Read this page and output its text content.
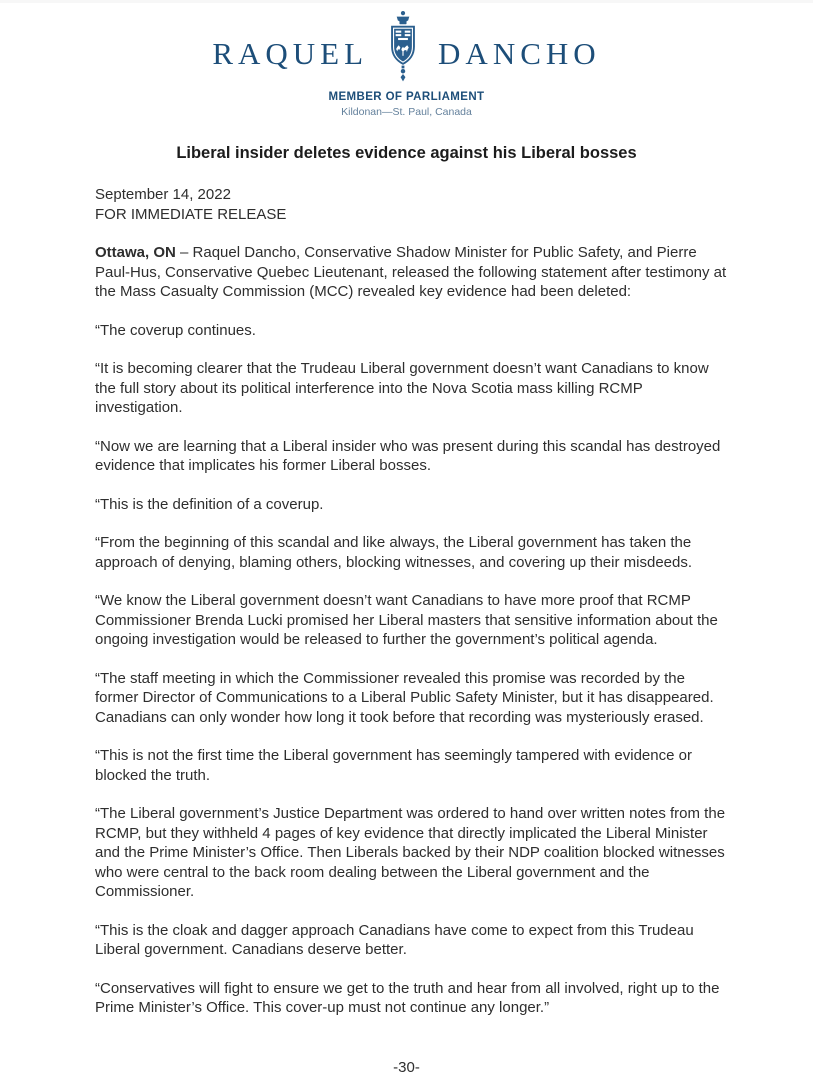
RAQUEL DANCHO
MEMBER OF PARLIAMENT
Kildonan—St. Paul, Canada
Liberal insider deletes evidence against his Liberal bosses

September 14, 2022

FOR IMMEDIATE RELEASE

Ottawa, ON – Raquel Dancho, Conservative Shadow Minister for Public Safety, and Pierre Paul-Hus, Conservative Quebec Lieutenant, released the following statement after testimony at the Mass Casualty Commission (MCC) revealed key evidence had been deleted:

“The coverup continues.

“It is becoming clearer that the Trudeau Liberal government doesn’t want Canadians to know the full story about its political interference into the Nova Scotia mass killing RCMP investigation.

“Now we are learning that a Liberal insider who was present during this scandal has destroyed evidence that implicates his former Liberal bosses.

“This is the definition of a coverup.

“From the beginning of this scandal and like always, the Liberal government has taken the approach of denying, blaming others, blocking witnesses, and covering up their misdeeds.

“We know the Liberal government doesn’t want Canadians to have more proof that RCMP Commissioner Brenda Lucki promised her Liberal masters that sensitive information about the ongoing investigation would be released to further the government’s political agenda.

“The staff meeting in which the Commissioner revealed this promise was recorded by the former Director of Communications to a Liberal Public Safety Minister, but it has disappeared. Canadians can only wonder how long it took before that recording was mysteriously erased.

“This is not the first time the Liberal government has seemingly tampered with evidence or blocked the truth.

“The Liberal government’s Justice Department was ordered to hand over written notes from the RCMP, but they withheld 4 pages of key evidence that directly implicated the Liberal Minister and the Prime Minister’s Office. Then Liberals backed by their NDP coalition blocked witnesses who were central to the back room dealing between the Liberal government and the Commissioner.

“This is the cloak and dagger approach Canadians have come to expect from this Trudeau Liberal government. Canadians deserve better.

“Conservatives will fight to ensure we get to the truth and hear from all involved, right up to the Prime Minister’s Office. This cover-up must not continue any longer.”

-30-
